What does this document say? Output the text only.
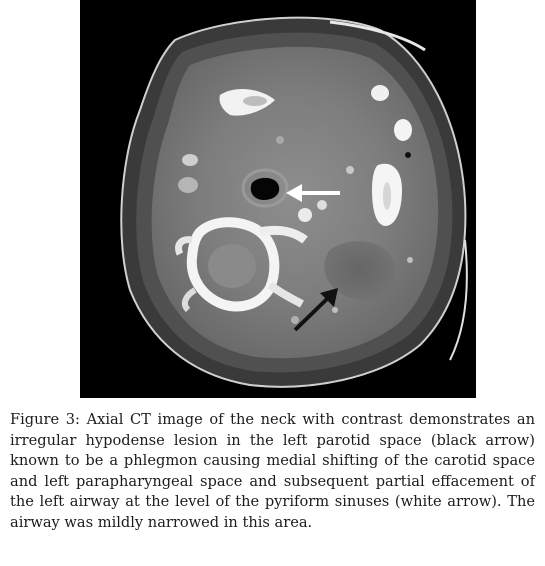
Figure 3: Axial CT image of the neck with contrast demonstrates an irregular hypodense lesion in the left parotid space (black arrow) known to be a phlegmon causing medial shifting of the carotid space and left parapharyngeal space and subsequent partial effacement of the left airway at the level of the pyriform sinuses (white arrow). The airway was mildly narrowed in this area.
